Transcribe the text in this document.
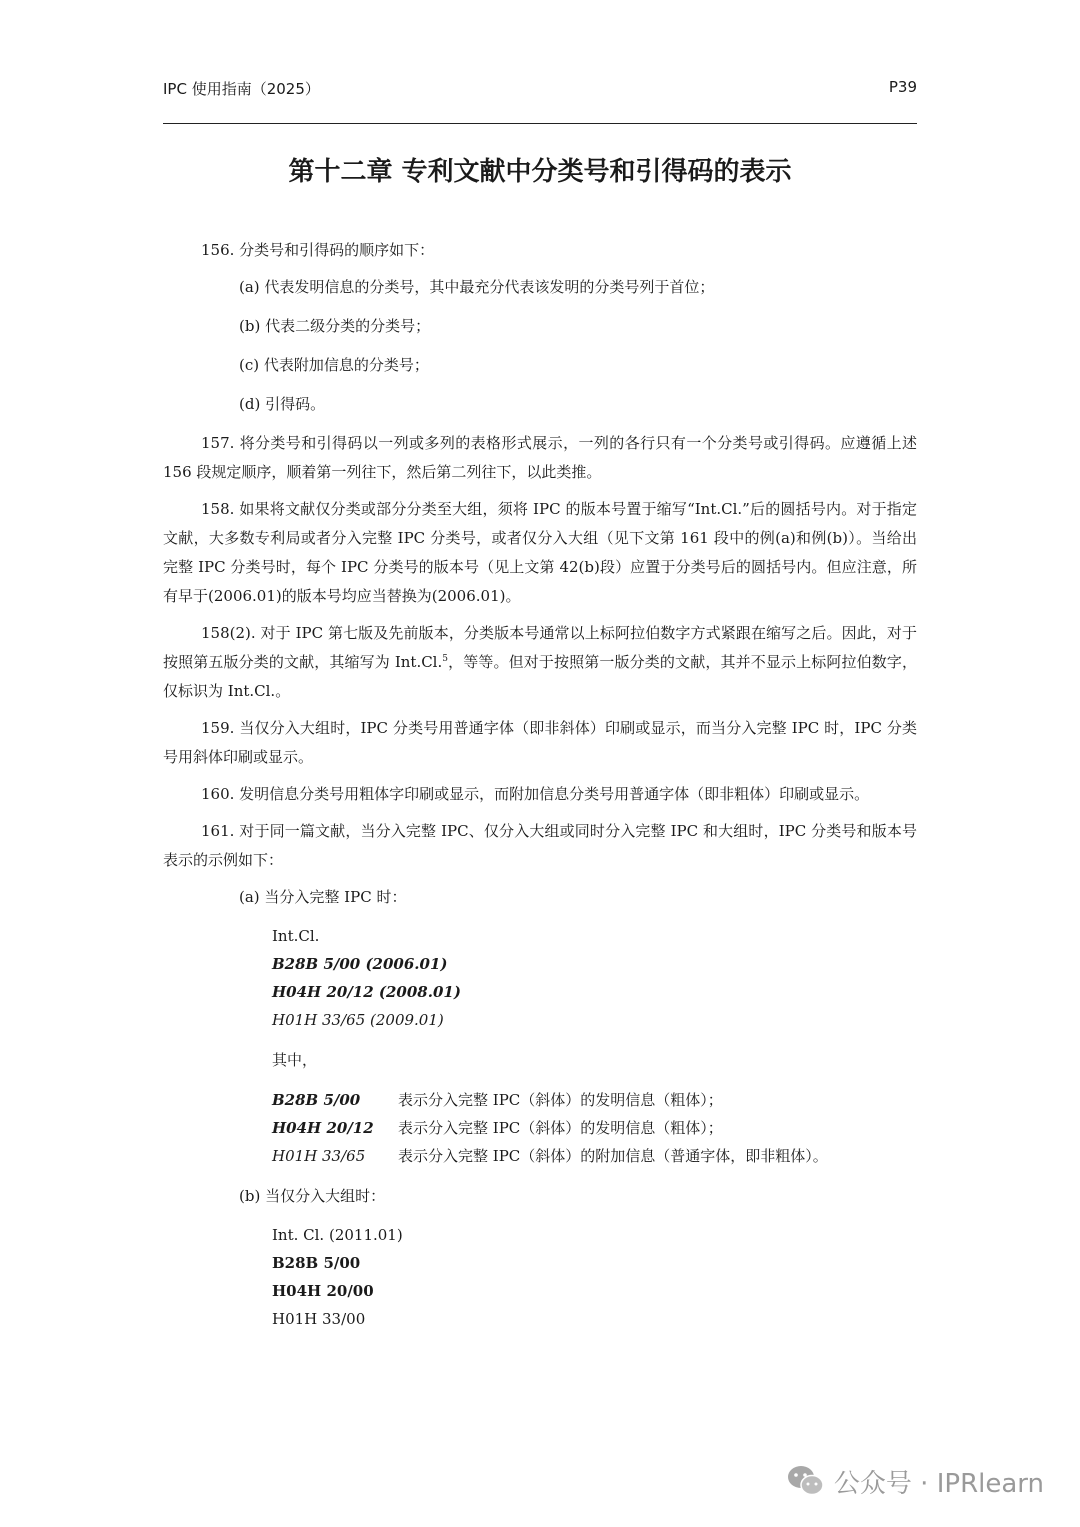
IPC 使用指南（2025）	P39
第十二章 专利文献中分类号和引得码的表示

156. 分类号和引得码的顺序如下：

(a) 代表发明信息的分类号，其中最充分代表该发明的分类号列于首位；

(b) 代表二级分类的分类号；

(c) 代表附加信息的分类号；

(d) 引得码。

157. 将分类号和引得码以一列或多列的表格形式展示，一列的各行只有一个分类号或引得码。应遵循上述 156 段规定顺序，顺着第一列往下，然后第二列往下，以此类推。

158. 如果将文献仅分类或部分分类至大组，须将 IPC 的版本号置于缩写“Int.Cl.”后的圆括号内。对于指定文献，大多数专利局或者分入完整 IPC 分类号，或者仅分入大组（见下文第 161 段中的例(a)和例(b)）。当给出完整 IPC 分类号时，每个 IPC 分类号的版本号（见上文第 42(b)段）应置于分类号后的圆括号内。但应注意，所有早于(2006.01)的版本号均应当替换为(2006.01)。

158(2). 对于 IPC 第七版及先前版本，分类版本号通常以上标阿拉伯数字方式紧跟在缩写之后。因此，对于按照第五版分类的文献，其缩写为 Int.Cl.$^5$，等等。但对于按照第一版分类的文献，其并不显示上标阿拉伯数字，仅标识为 Int.Cl.。

159. 当仅分入大组时，IPC 分类号用普通字体（即非斜体）印刷或显示，而当分入完整 IPC 时，IPC 分类号用斜体印刷或显示。

160. 发明信息分类号用粗体字印刷或显示，而附加信息分类号用普通字体（即非粗体）印刷或显示。

161. 对于同一篇文献，当分入完整 IPC、仅分入大组或同时分入完整 IPC 和大组时，IPC 分类号和版本号表示的示例如下：

(a) 当分入完整 IPC 时：

Int.Cl.
B28B 5/00 (2006.01)
H04H 20/12 (2008.01)
H01H 33/65 (2009.01)
其中，
B28B 5/00	表示分入完整 IPC（斜体）的发明信息（粗体）；
H04H 20/12 表示分入完整 IPC（斜体）的发明信息（粗体）；
H01H 33/65 表示分入完整 IPC（斜体）的附加信息（普通字体，即非粗体）。

(b) 当仅分入大组时：

Int. Cl. (2011.01)
B28B 5/00
H04H 20/00
H01H 33/00
公众号 · IPRlearn
